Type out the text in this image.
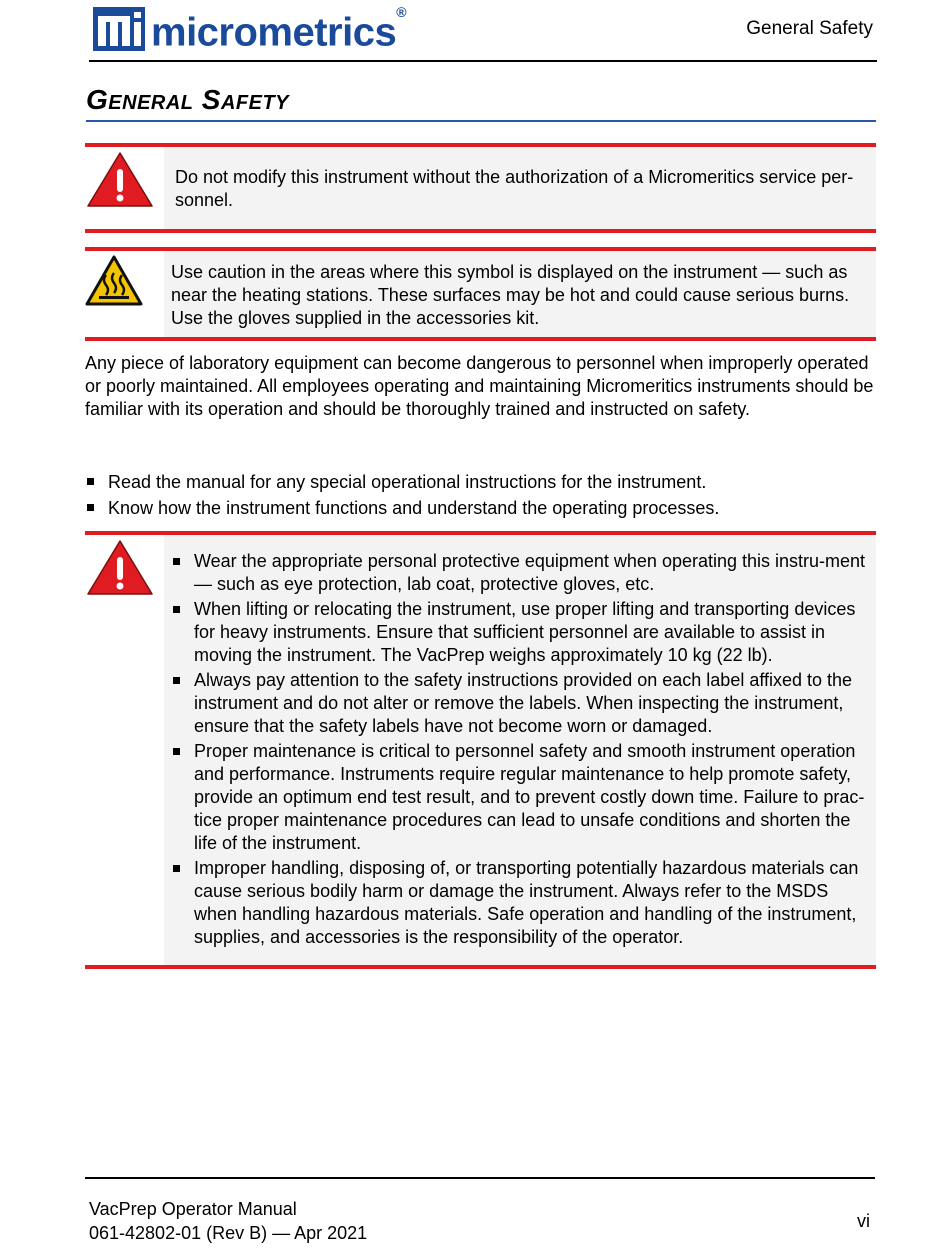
micrometrics®
General Safety
General Safety
Do not modify this instrument without the authorization of a Micromeritics service per-sonnel.
Use caution in the areas where this symbol is displayed on the instrument — such as near the heating stations. These surfaces may be hot and could cause serious burns. Use the gloves supplied in the accessories kit.
Any piece of laboratory equipment can become dangerous to personnel when improperly operated or poorly maintained. All employees operating and maintaining Micromeritics instruments should be familiar with its operation and should be thoroughly trained and instructed on safety.
Read the manual for any special operational instructions for the instrument.
Know how the instrument functions and understand the operating processes.
Wear the appropriate personal protective equipment when operating this instru-ment — such as eye protection, lab coat, protective gloves, etc.
When lifting or relocating the instrument, use proper lifting and transporting devices for heavy instruments. Ensure that sufficient personnel are available to assist in moving the instrument. The VacPrep weighs approximately 10 kg (22 lb).
Always pay attention to the safety instructions provided on each label affixed to the instrument and do not alter or remove the labels. When inspecting the instrument, ensure that the safety labels have not become worn or damaged.
Proper maintenance is critical to personnel safety and smooth instrument operation and performance. Instruments require regular maintenance to help promote safety, provide an optimum end test result, and to prevent costly down time. Failure to prac-tice proper maintenance procedures can lead to unsafe conditions and shorten the life of the instrument.
Improper handling, disposing of, or transporting potentially hazardous materials can cause serious bodily harm or damage the instrument. Always refer to the MSDS when handling hazardous materials. Safe operation and handling of the instrument, supplies, and accessories is the responsibility of the operator.
VacPrep Operator Manual
061-42802-01 (Rev B) — Apr 2021
vi
